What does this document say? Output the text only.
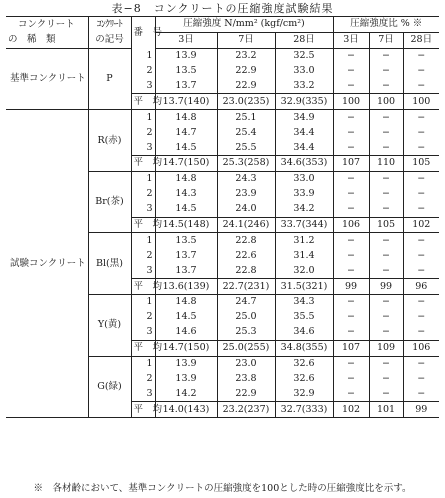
表−8　コンクリートの圧縮強度試験結果
コンクリート	ｺﾝｸﾘｰﾄ	番　号	圧縮強度 N/mm² (kgf/cm²)			圧縮強度比 % ※		
の　稀　類	の記号		3日	7日	28日	3日	7日	28日
基準コンクリート	P	1	13.9	23.2	32.5	−	−	−
		2	13.5	22.9	33.0	−	−	−
		3	13.7	22.9	33.2	−	−	−
		平　均	13.7(140)	23.0(235)	32.9(335)	100	100	100
試験コンクリート	R(赤)	1	14.8	25.1	34.9	−	−	−
		2	14.7	25.4	34.4	−	−	−
		3	14.5	25.5	34.4	−	−	−
		平　均	14.7(150)	25.3(258)	34.6(353)	107	110	105
	Br(茶)	1	14.8	24.3	33.0	−	−	−
		2	14.3	23.9	33.9	−	−	−
		3	14.5	24.0	34.2	−	−	−
		平　均	14.5(148)	24.1(246)	33.7(344)	106	105	102
	Bl(黒)	1	13.5	22.8	31.2	−	−	−
		2	13.7	22.6	31.4	−	−	−
		3	13.7	22.8	32.0	−	−	−
		平　均	13.6(139)	22.7(231)	31.5(321)	99	99	96
	Y(黄)	1	14.8	24.7	34.3	−	−	−
		2	14.5	25.0	35.5	−	−	−
		3	14.6	25.3	34.6	−	−	−
		平　均	14.7(150)	25.0(255)	34.8(355)	107	109	106
	G(緑)	1	13.9	23.0	32.6	−	−	−
		2	13.9	23.8	32.6	−	−	−
		3	14.2	22.9	32.9	−	−	−
		平　均	14.0(143)	23.2(237)	32.7(333)	102	101	99
※　各材齢において、基準コンクリートの圧縮強度を100とした時の圧縮強度比を示す。
